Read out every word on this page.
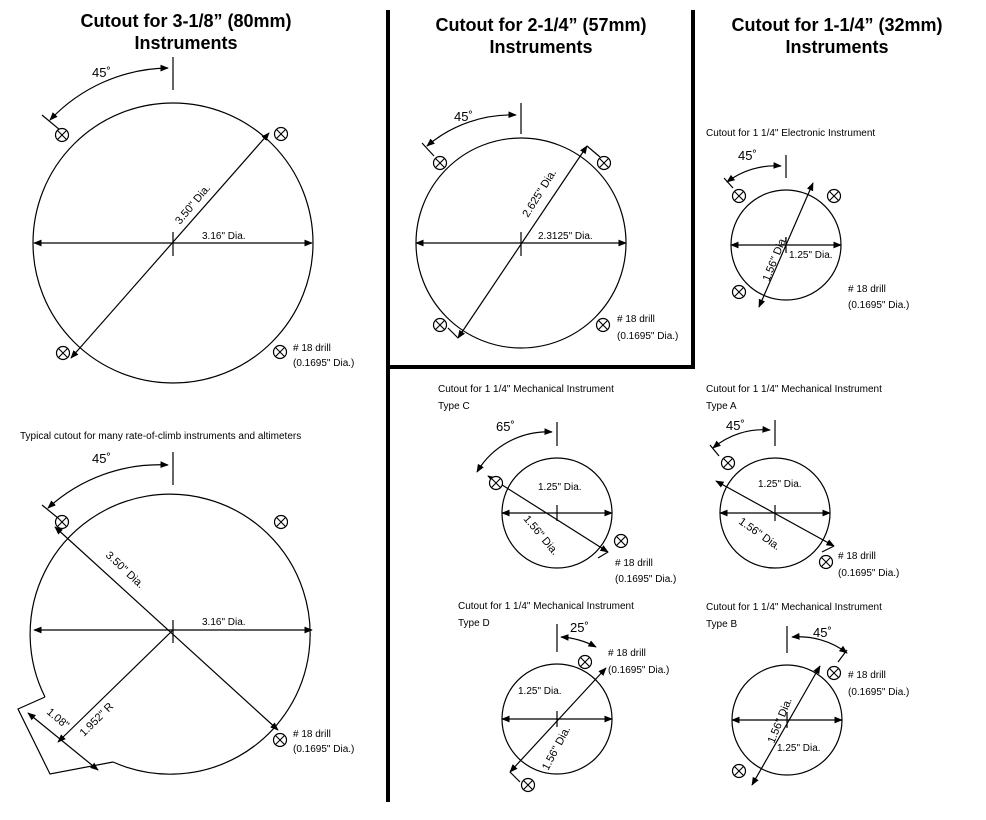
Cutout for 3-1/8” (80mm)
Instruments
Cutout for 2-1/4” (57mm)
Instruments
Cutout for 1-1/4” (32mm)
Instruments
45˚
3.50" Dia.
3.16" Dia.
# 18 drill
(0.1695" Dia.)
Typical cutout for many rate-of-climb instruments and altimeters
45˚
3.50" Dia.
3.16" Dia.
1.952" R
1.08"
# 18 drill
(0.1695" Dia.)
45˚
2.625" Dia.
2.3125" Dia.
# 18 drill
(0.1695" Dia.)
Cutout for 1 1/4" Electronic Instrument
45˚
1.56" Dia. 1.25" Dia.
# 18 drill
(0.1695" Dia.)
Cutout for 1 1/4" Mechanical Instrument
Type C
65˚
1.25" Dia.
1.56" Dia.
# 18 drill
(0.1695" Dia.)
Cutout for 1 1/4" Mechanical Instrument
Type A
45˚
1.25" Dia.
1.56" Dia.
# 18 drill
(0.1695" Dia.)
Cutout for 1 1/4" Mechanical Instrument
Type D	25˚
1.25" Dia.
1.56" Dia.
# 18 drill
(0.1695" Dia.)
Cutout for 1 1/4" Mechanical Instrument
Type B
45˚
1.56" Dia.
1.25" Dia.
# 18 drill
(0.1695" Dia.)
